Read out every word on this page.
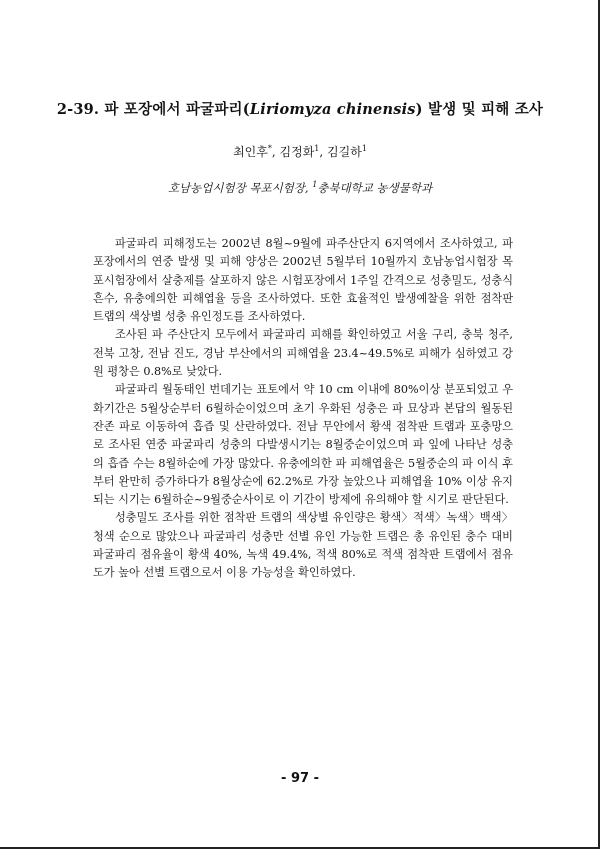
2-39. 파 포장에서 파굴파리(Liriomyza chinensis) 발생 및 피해 조사
최인후*, 김정화$^1$, 김길하$^1$
호남농업시험장 목포시험장, $^1$충북대학교 농생물학과

파굴파리 피해정도는 2002년 8월~9월에 파주산단지 6지역에서 조사하였고, 파 포장에서의 연중 발생 및 피해 양상은 2002년 5월부터 10월까지 호남농업시험장 목포시험장에서 살충제를 살포하지 않은 시험포장에서 1주일 간격으로 성충밀도, 성충식흔수, 유충에의한 피해엽율 등을 조사하였다. 또한 효율적인 발생예찰을 위한 점착판 트랩의 색상별 성충 유인정도를 조사하였다.

조사된 파 주산단지 모두에서 파굴파리 피해를 확인하였고 서울 구리, 충북 청주, 전북 고창, 전남 진도, 경남 부산에서의 피해엽율 23.4~49.5%로 피해가 심하였고 강원 평창은 0.8%로 낮았다.

파굴파리 월동태인 번데기는 표토에서 약 10 cm 이내에 80%이상 분포되었고 우화기간은 5월상순부터 6월하순이었으며 초기 우화된 성충은 파 묘상과 본답의 월동된 잔존 파로 이동하여 흡즙 및 산란하였다. 전남 무안에서 황색 점착판 트랩과 포충망으로 조사된 연중 파굴파리 성충의 다발생시기는 8월중순이었으며 파 잎에 나타난 성충의 흡즙 수는 8월하순에 가장 많았다. 유충에의한 파 피해엽율은 5월중순의 파 이식 후부터 완만히 증가하다가 8월상순에 62.2%로 가장 높았으나 피해엽율 10% 이상 유지되는 시기는 6월하순~9월중순사이로 이 기간이 방제에 유의해야 할 시기로 판단된다.

성충밀도 조사를 위한 점착판 트랩의 색상별 유인량은 황색〉적색〉녹색〉백색〉청색 순으로 많았으나 파굴파리 성충만 선별 유인 가능한 트랩은 총 유인된 충수 대비 파굴파리 점유율이 황색 40%, 녹색 49.4%, 적색 80%로 적색 점착판 트랩에서 점유도가 높아 선별 트랩으로서 이용 가능성을 확인하였다.

- 97 -
